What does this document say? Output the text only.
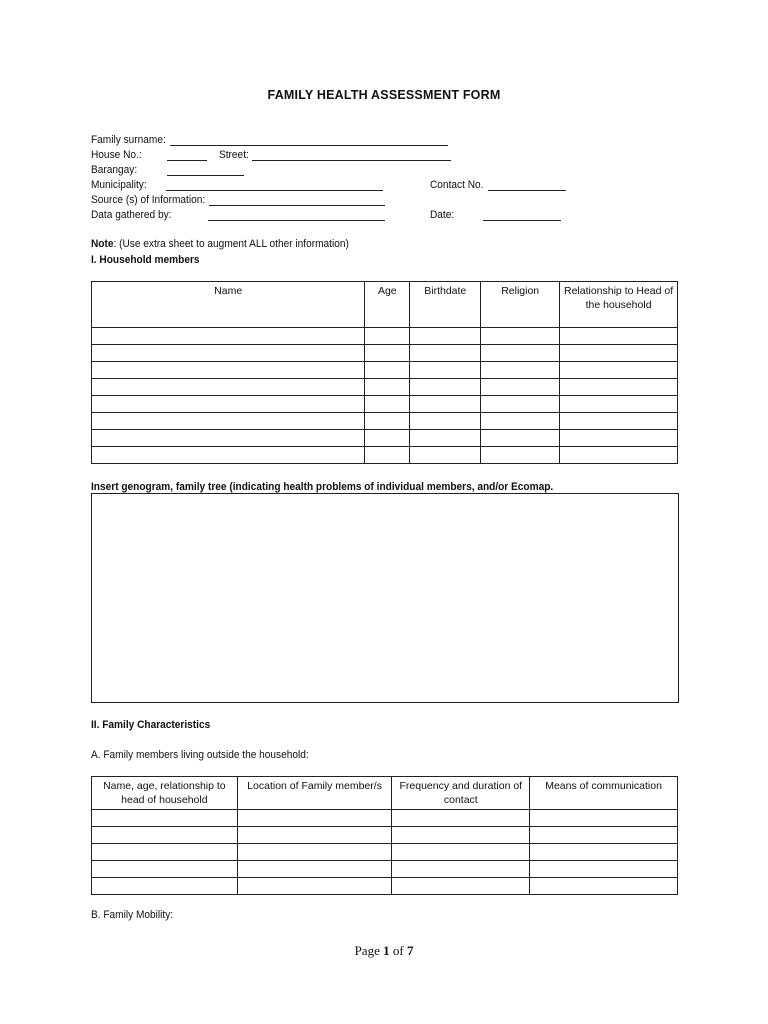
FAMILY HEALTH ASSESSMENT FORM
Family surname:
House No.:	Street:
Barangay:
Municipality:	Contact No.
Source (s) of Information:
Data gathered by:	Date:
Note: (Use extra sheet to augment ALL other information)
I. Household members
Name	Age	Birthdate	Religion	Relationship to Head of the household

Insert genogram, family tree (indicating health problems of individual members, and/or Ecomap.
II. Family Characteristics
A. Family members living outside the household:
Name, age, relationship to head of household	Location of Family member/s	Frequency and duration of contact	Means of communication

B. Family Mobility:
Page 1 of 7
